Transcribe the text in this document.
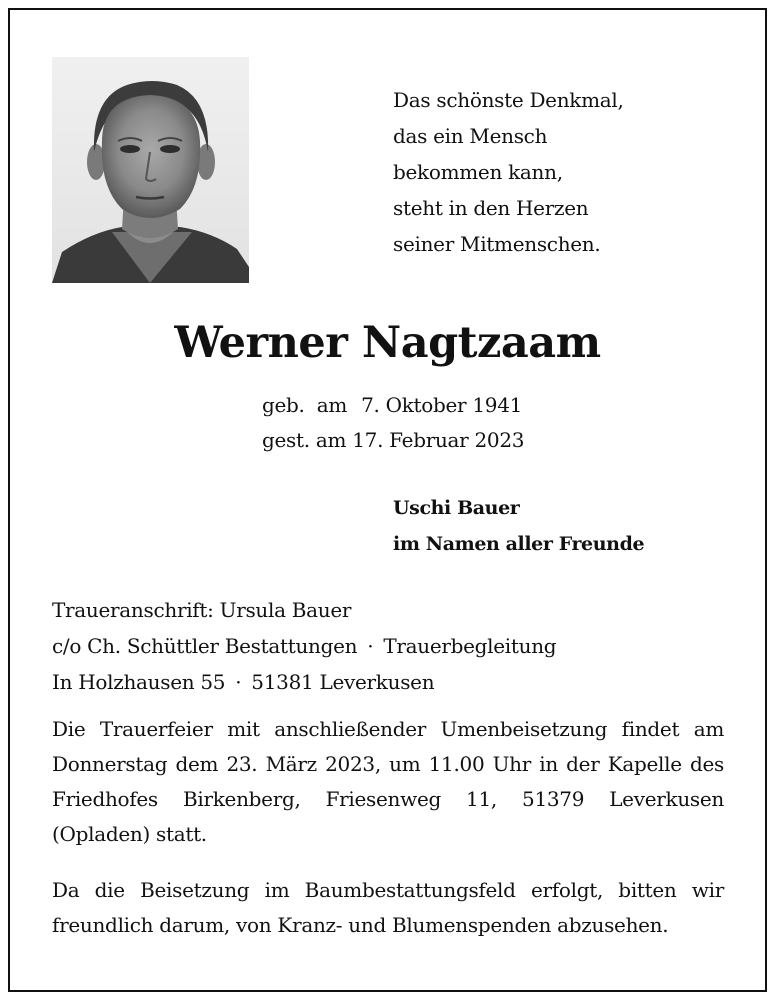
Das schönste Denkmal,
das ein Mensch
bekommen kann,
steht in den Herzen
seiner Mitmenschen.
Werner Nagtzaam
geb.  am 7. Oktober 1941
gest. am 17. Februar 2023
Uschi Bauer
im Namen aller Freunde
Traueranschrift: Ursula Bauer
c/o Ch. Schüttler Bestattungen · Trauerbegleitung
In Holzhausen 55 · 51381 Leverkusen
Die Trauerfeier mit anschließender Umenbeisetzung findet am Donnerstag dem 23. März 2023, um 11.00 Uhr in der Kapelle des Friedhofes Birkenberg, Friesenweg 11, 51379 Leverkusen (Opladen) statt.
Da die Beisetzung im Baumbestattungsfeld erfolgt, bitten wir freundlich darum, von Kranz- und Blumenspenden abzusehen.
